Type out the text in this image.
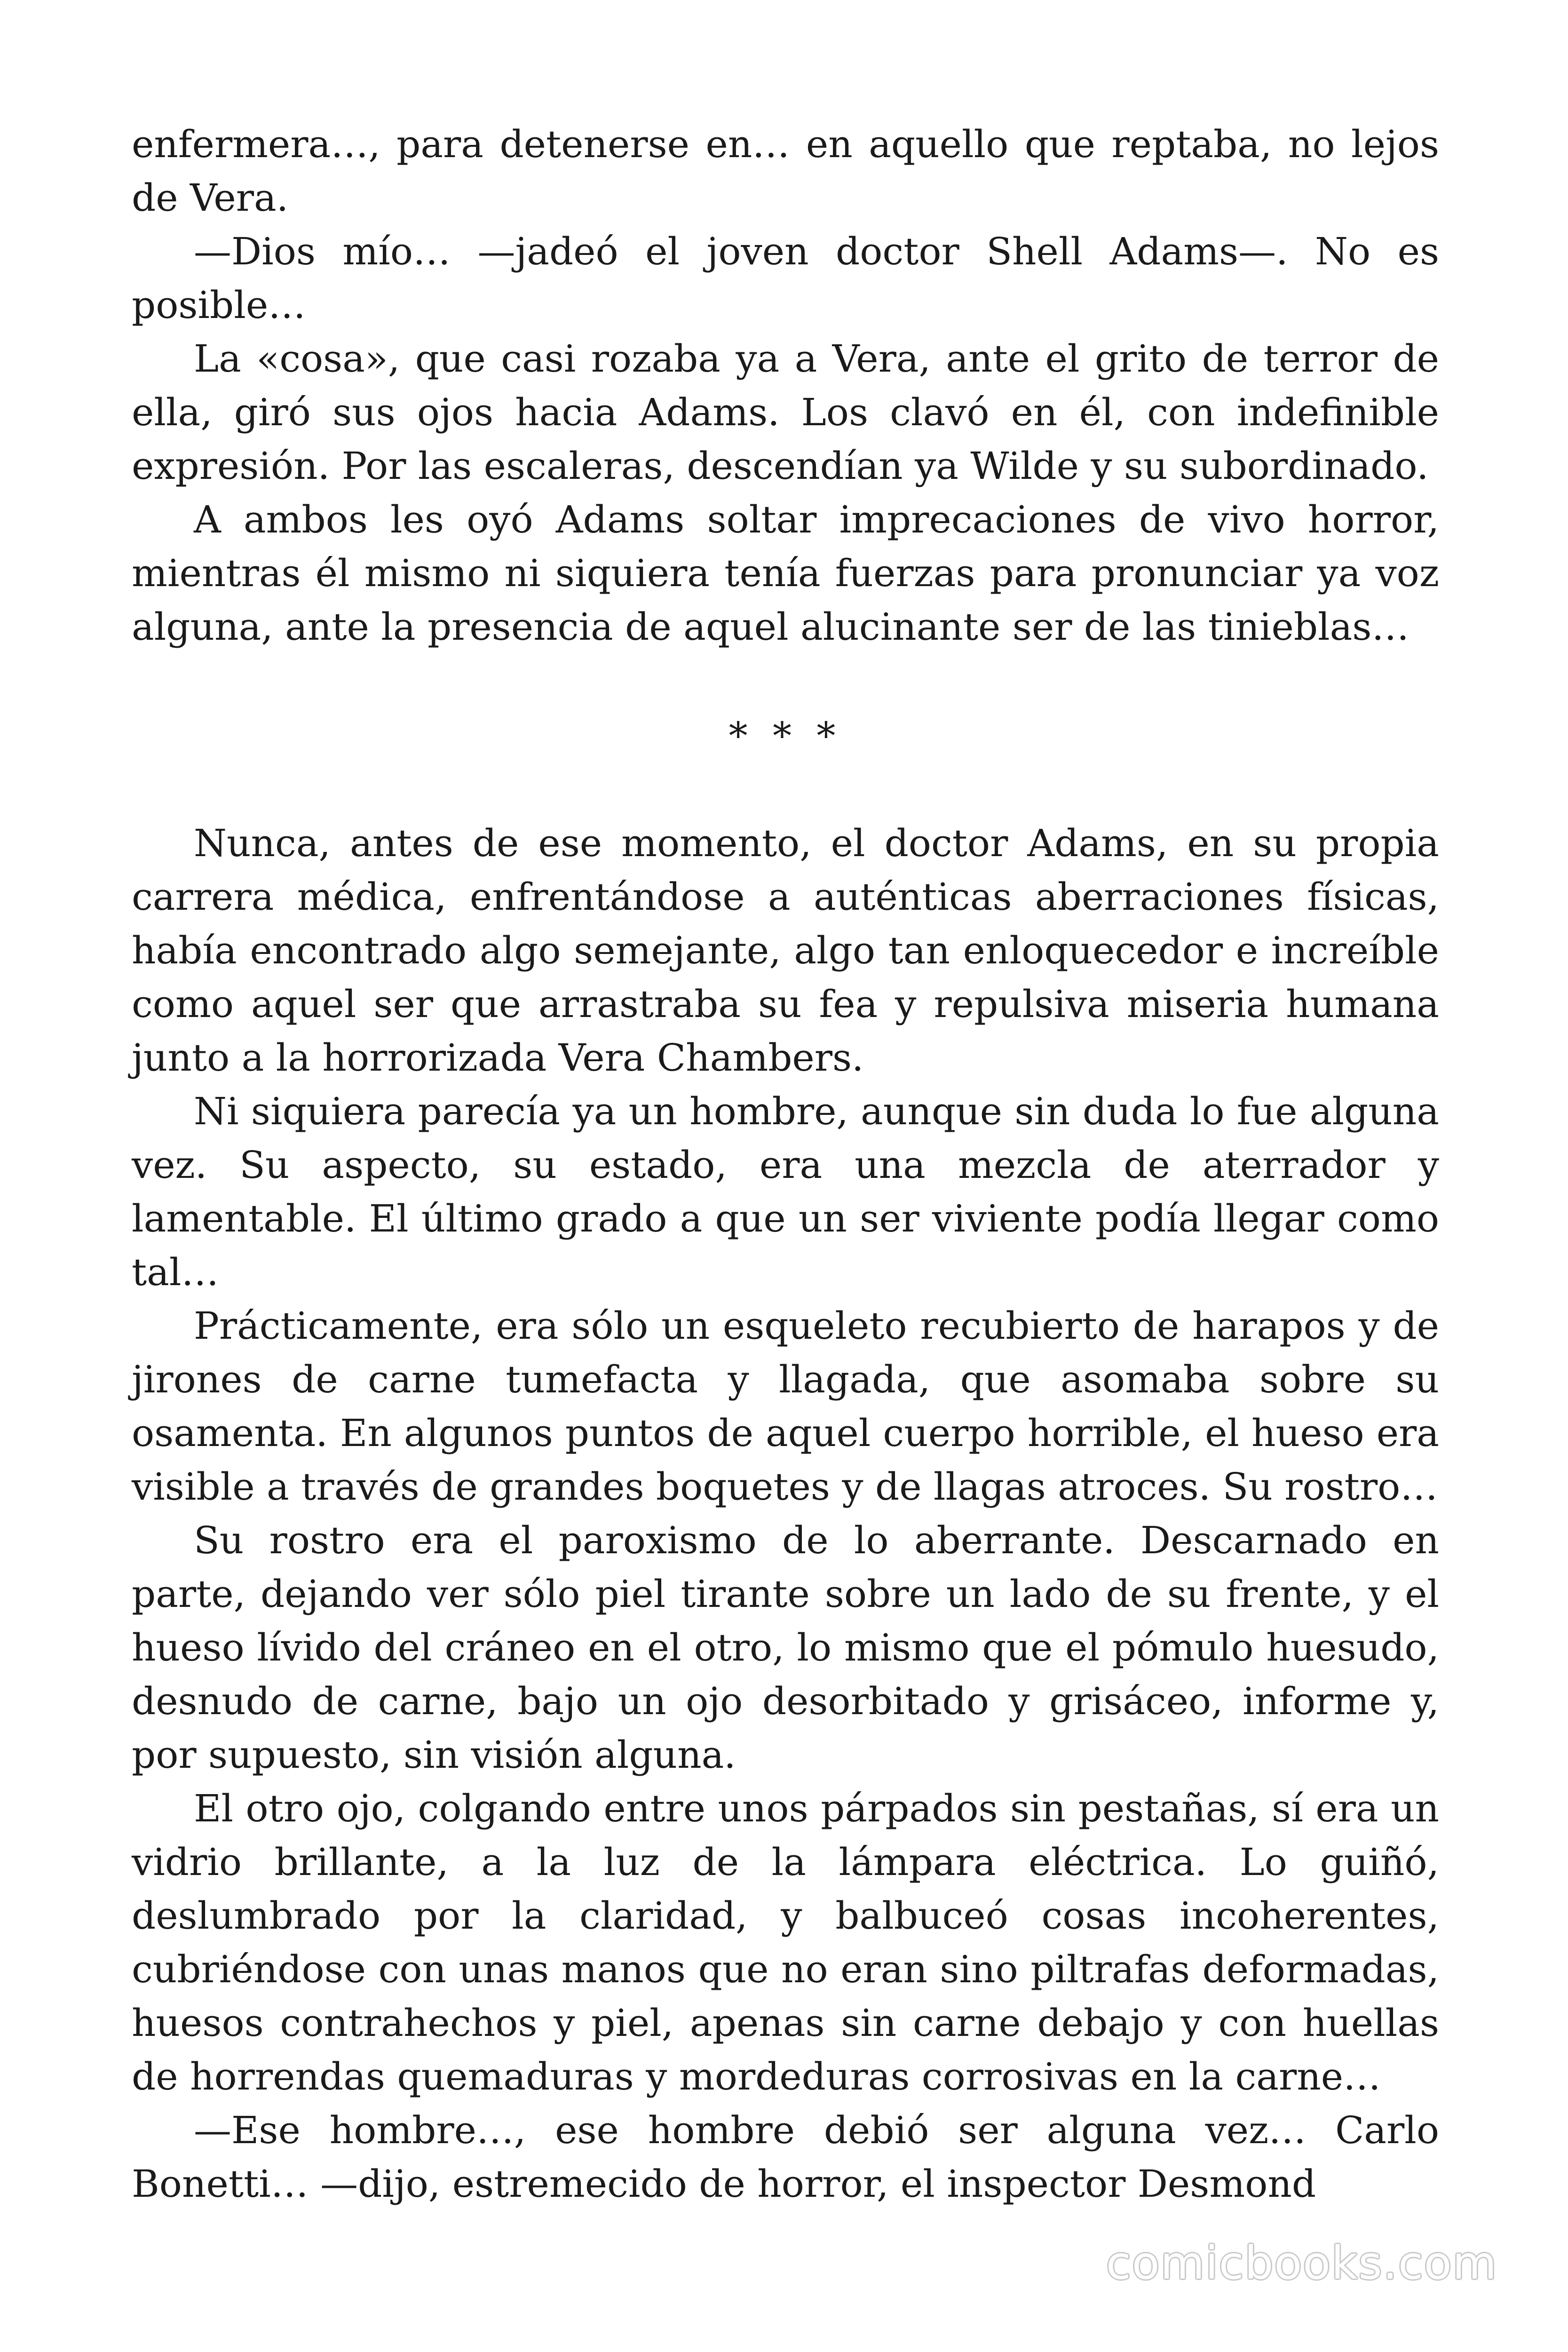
enfermera…, para detenerse en… en aquello que reptaba, no lejos de Vera.

—Dios mío… —jadeó el joven doctor Shell Adams—. No es posible…

La «cosa», que casi rozaba ya a Vera, ante el grito de terror de ella, giró sus ojos hacia Adams. Los clavó en él, con indefinible expresión. Por las escaleras, descendían ya Wilde y su subordinado.

A ambos les oyó Adams soltar imprecaciones de vivo horror, mientras él mismo ni siquiera tenía fuerzas para pronunciar ya voz alguna, ante la presencia de aquel alucinante ser de las tinieblas…

* * *

Nunca, antes de ese momento, el doctor Adams, en su propia carrera médica, enfrentándose a auténticas aberraciones físicas, había encontrado algo semejante, algo tan enloquecedor e increíble como aquel ser que arrastraba su fea y repulsiva miseria humana junto a la horrorizada Vera Chambers.

Ni siquiera parecía ya un hombre, aunque sin duda lo fue alguna vez. Su aspecto, su estado, era una mezcla de aterrador y lamentable. El último grado a que un ser viviente podía llegar como tal…

Prácticamente, era sólo un esqueleto recubierto de harapos y de jirones de carne tumefacta y llagada, que asomaba sobre su osamenta. En algunos puntos de aquel cuerpo horrible, el hueso era visible a través de grandes boquetes y de llagas atroces. Su rostro…

Su rostro era el paroxismo de lo aberrante. Descarnado en parte, dejando ver sólo piel tirante sobre un lado de su frente, y el hueso lívido del cráneo en el otro, lo mismo que el pómulo huesudo, desnudo de carne, bajo un ojo desorbitado y grisáceo, informe y, por supuesto, sin visión alguna.

El otro ojo, colgando entre unos párpados sin pestañas, sí era un vidrio brillante, a la luz de la lámpara eléctrica. Lo guiñó, deslumbrado por la claridad, y balbuceó cosas incoherentes, cubriéndose con unas manos que no eran sino piltrafas deformadas, huesos contrahechos y piel, apenas sin carne debajo y con huellas de horrendas quemaduras y mordeduras corrosivas en la carne…

—Ese hombre…, ese hombre debió ser alguna vez… Carlo Bonetti… —dijo, estremecido de horror, el inspector Desmond

comicbooks.com
